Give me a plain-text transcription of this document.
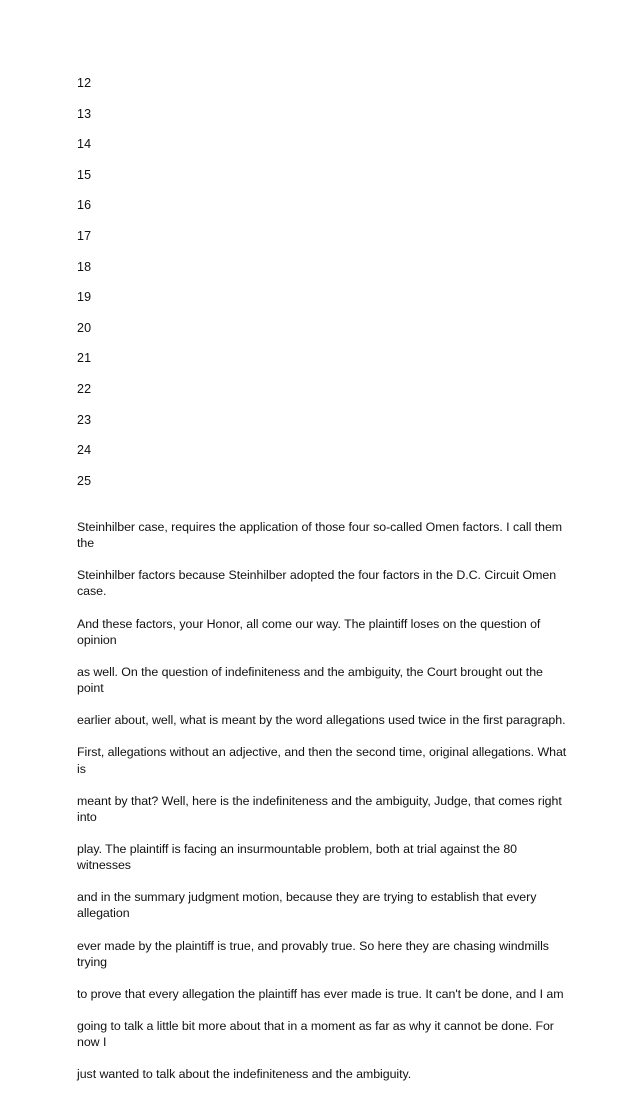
12
13
14
15
16
17
18
19
20
21
22
23
24
25

Steinhilber case, requires the application of those four so-called Omen factors. I call them the

Steinhilber factors because Steinhilber adopted the four factors in the D.C. Circuit Omen case.

And these factors, your Honor, all come our way. The plaintiff loses on the question of opinion

as well. On the question of indefiniteness and the ambiguity, the Court brought out the point

earlier about, well, what is meant by the word allegations used twice in the first paragraph.

First, allegations without an adjective, and then the second time, original allegations. What is

meant by that? Well, here is the indefiniteness and the ambiguity, Judge, that comes right into

play. The plaintiff is facing an insurmountable problem, both at trial against the 80 witnesses

and in the summary judgment motion, because they are trying to establish that every allegation

ever made by the plaintiff is true, and provably true. So here they are chasing windmills trying

to prove that every allegation the plaintiff has ever made is true. It can't be done, and I am

going to talk a little bit more about that in a moment as far as why it cannot be done. For now I

just wanted to talk about the indefiniteness and the ambiguity.
